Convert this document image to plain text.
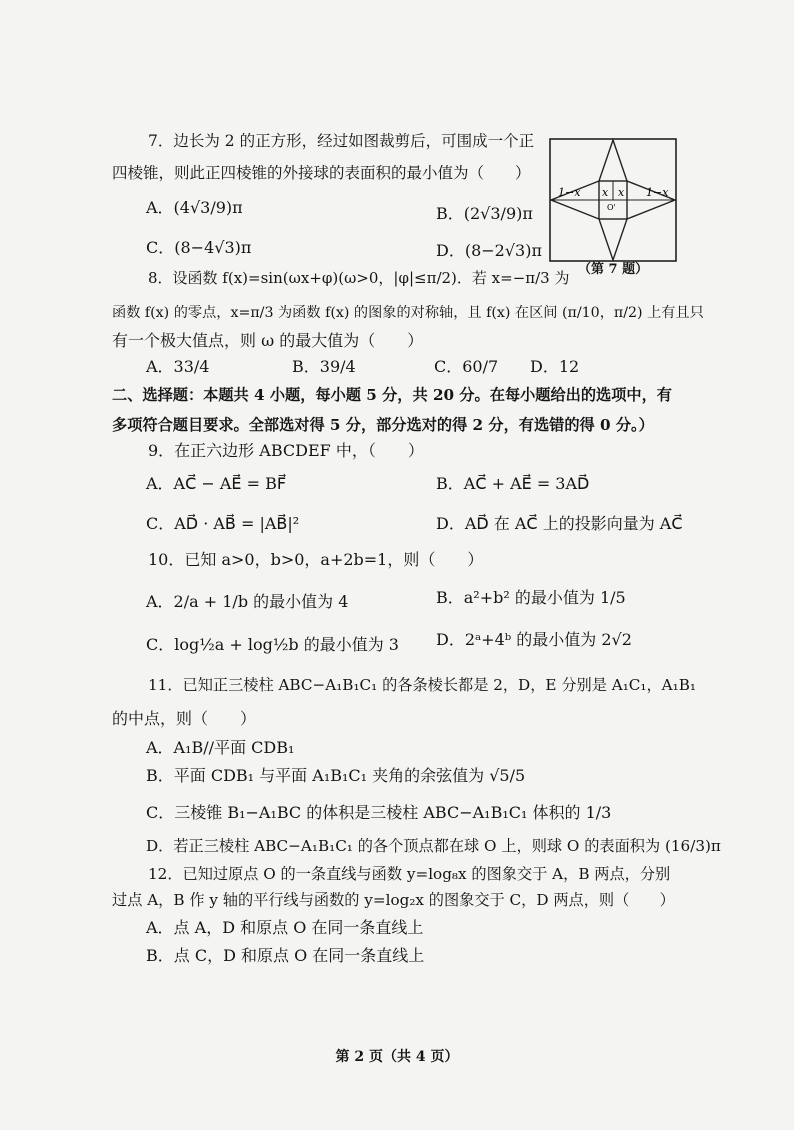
7．边长为 2 的正方形，经过如图裁剪后，可围成一个正
四棱锥，则此正四棱锥的外接球的表面积的最小值为（　　）
A．(4√3/9)π	B．(2√3/9)π
C．(8−4√3)π	D．(8−2√3)π
1−x x x 1−x
O'
（第 7 题）
8．设函数 f(x)=sin(ωx+φ)(ω>0，|φ|≤π/2)．若 x=−π/3 为
函数 f(x) 的零点，x=π/3 为函数 f(x) 的图象的对称轴，且 f(x) 在区间 (π/10，π/2) 上有且只
有一个极大值点，则 ω 的最大值为（　　）
A．33/4	B．39/4	C．60/7 D．12
二、选择题：本题共 4 小题，每小题 5 分，共 20 分。在每小题给出的选项中，有
多项符合题目要求。全部选对得 5 分，部分选对的得 2 分，有选错的得 0 分。）
9．在正六边形 ABCDEF 中，（　　）
A．AC⃗ − AE⃗ = BF⃗	B．AC⃗ + AE⃗ = 3AD⃗
C．AD⃗ · AB⃗ = |AB⃗|²	D．AD⃗ 在 AC⃗ 上的投影向量为 AC⃗
10．已知 a>0，b>0，a+2b=1，则（　　）
A．2/a + 1/b 的最小值为 4	B．a²+b² 的最小值为 1/5
C．log½a + log½b 的最小值为 3 D．2ᵃ+4ᵇ 的最小值为 2√2
11．已知正三棱柱 ABC−A₁B₁C₁ 的各条棱长都是 2，D，E 分别是 A₁C₁，A₁B₁
的中点，则（　　）
A．A₁B//平面 CDB₁
B．平面 CDB₁ 与平面 A₁B₁C₁ 夹角的余弦值为 √5/5
C．三棱锥 B₁−A₁BC 的体积是三棱柱 ABC−A₁B₁C₁ 体积的 1/3
D．若正三棱柱 ABC−A₁B₁C₁ 的各个顶点都在球 O 上，则球 O 的表面积为 (16/3)π
12．已知过原点 O 的一条直线与函数 y=log₈x 的图象交于 A，B 两点，分别
过点 A，B 作 y 轴的平行线与函数的 y=log₂x 的图象交于 C，D 两点，则（　　）
A．点 A，D 和原点 O 在同一条直线上
B．点 C，D 和原点 O 在同一条直线上
第 2 页（共 4 页）
